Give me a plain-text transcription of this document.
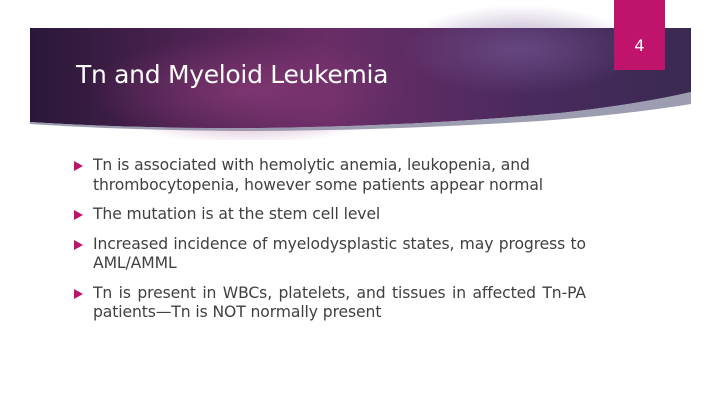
Tn and Myeloid Leukemia
4
Tn is associated with hemolytic anemia, leukopenia, and thrombocytopenia, however some patients appear normal
The mutation is at the stem cell level
Increased incidence of myelodysplastic states, may progress to AML/AMML
Tn is present in WBCs, platelets, and tissues in affected Tn-PA patients—Tn is NOT normally present
